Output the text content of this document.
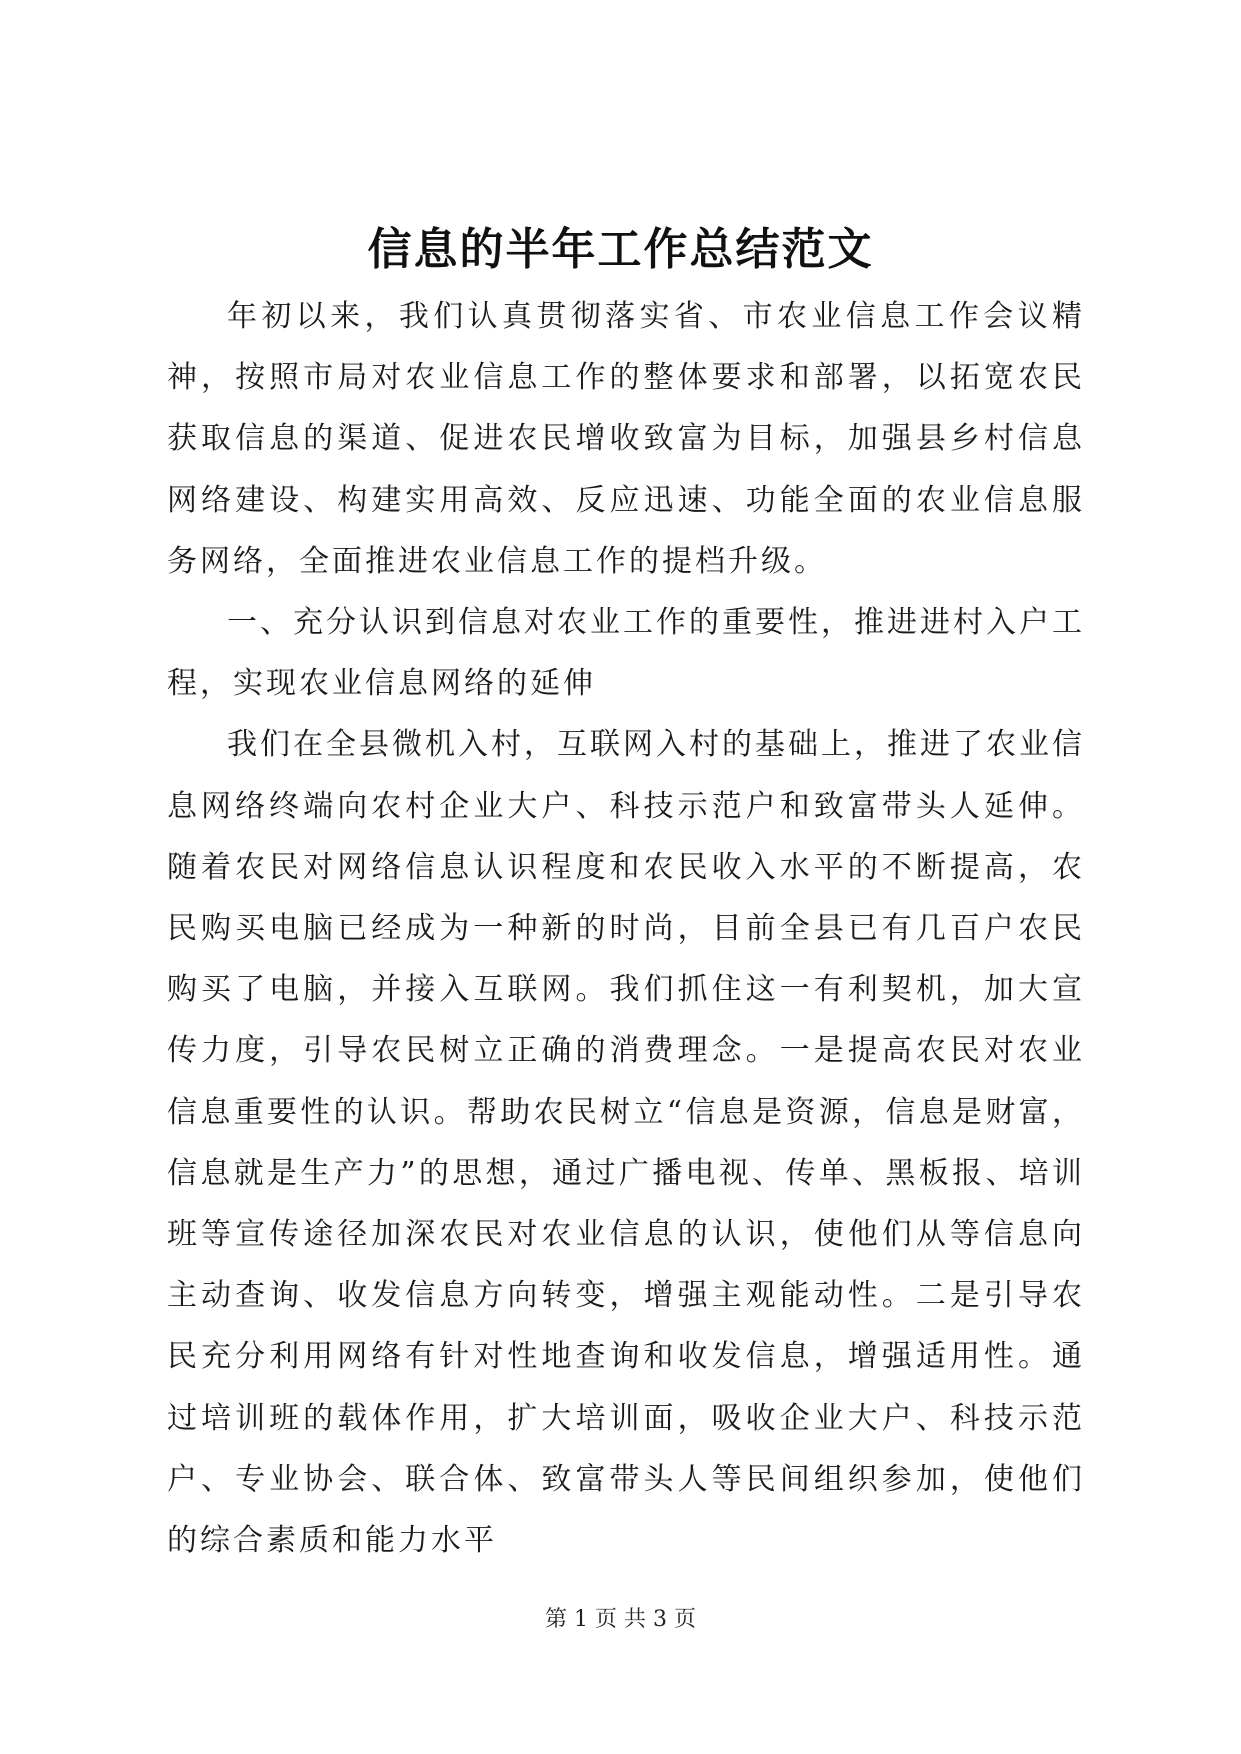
信息的半年工作总结范文

年初以来，我们认真贯彻落实省、市农业信息工作会议精神，按照市局对农业信息工作的整体要求和部署，以拓宽农民获取信息的渠道、促进农民增收致富为目标，加强县乡村信息网络建设、构建实用高效、反应迅速、功能全面的农业信息服务网络，全面推进农业信息工作的提档升级。

一、充分认识到信息对农业工作的重要性，推进进村入户工程，实现农业信息网络的延伸

我们在全县微机入村，互联网入村的基础上，推进了农业信息网络终端向农村企业大户、科技示范户和致富带头人延伸。随着农民对网络信息认识程度和农民收入水平的不断提高，农民购买电脑已经成为一种新的时尚，目前全县已有几百户农民购买了电脑，并接入互联网。我们抓住这一有利契机，加大宣传力度，引导农民树立正确的消费理念。一是提高农民对农业信息重要性的认识。帮助农民树立“信息是资源，信息是财富，信息就是生产力”的思想，通过广播电视、传单、黑板报、培训班等宣传途径加深农民对农业信息的认识，使他们从等信息向主动查询、收发信息方向转变，增强主观能动性。二是引导农民充分利用网络有针对性地查询和收发信息，增强适用性。通过培训班的载体作用，扩大培训面，吸收企业大户、科技示范户、专业协会、联合体、致富带头人等民间组织参加，使他们的综合素质和能力水平

第 1 页 共 3 页
